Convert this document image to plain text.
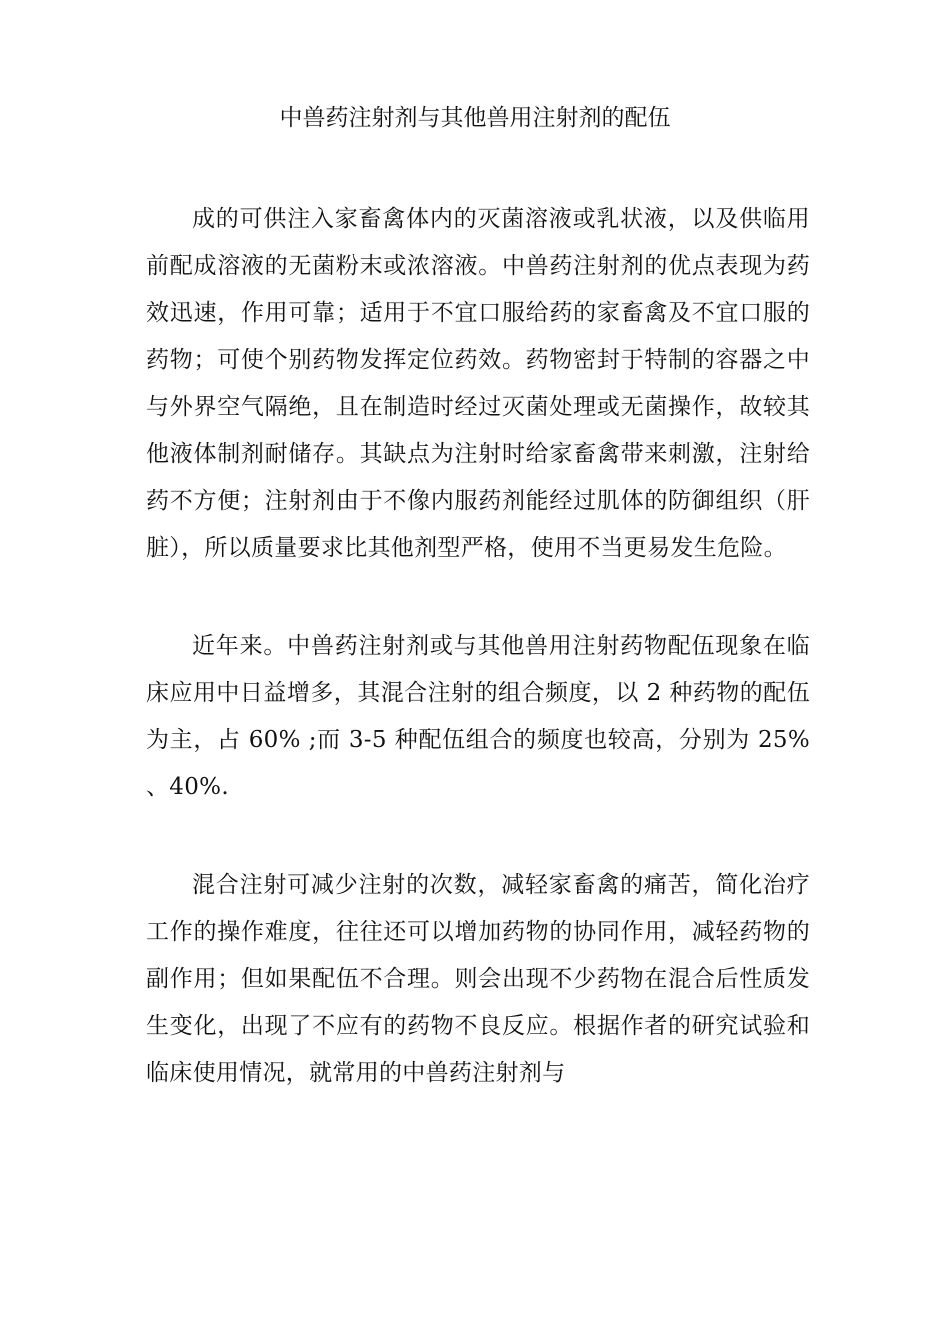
中兽药注射剂与其他兽用注射剂的配伍

成的可供注入家畜禽体内的灭菌溶液或乳状液，以及供临用前配成溶液的无菌粉末或浓溶液。中兽药注射剂的优点表现为药效迅速，作用可靠；适用于不宜口服给药的家畜禽及不宜口服的药物；可使个别药物发挥定位药效。药物密封于特制的容器之中与外界空气隔绝，且在制造时经过灭菌处理或无菌操作，故较其他液体制剂耐储存。其缺点为注射时给家畜禽带来刺激，注射给药不方便；注射剂由于不像内服药剂能经过肌体的防御组织（肝脏），所以质量要求比其他剂型严格，使用不当更易发生危险。

近年来。中兽药注射剂或与其他兽用注射药物配伍现象在临床应用中日益增多，其混合注射的组合频度，以 2 种药物的配伍为主，占 60% ;而 3-5 种配伍组合的频度也较高，分别为 25% 、40%.

混合注射可减少注射的次数，减轻家畜禽的痛苦，简化治疗工作的操作难度，往往还可以增加药物的协同作用，减轻药物的副作用；但如果配伍不合理。则会出现不少药物在混合后性质发生变化，出现了不应有的药物不良反应。根据作者的研究试验和临床使用情况，就常用的中兽药注射剂与
